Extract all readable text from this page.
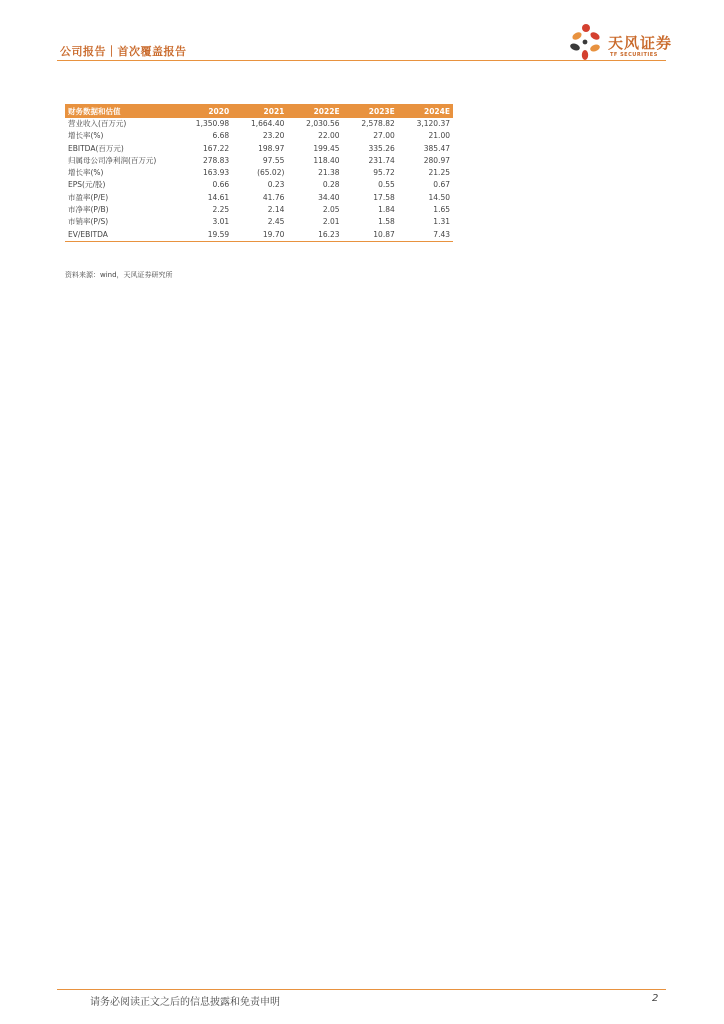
公司报告｜首次覆盖报告	天风证券
TF SECURITIES
财务数据和估值	2020	2021	2022E	2023E	2024E
营业收入(百万元)	1,350.98	1,664.40	2,030.56	2,578.82	3,120.37
增长率(%)	6.68	23.20	22.00	27.00	21.00
EBITDA(百万元)	167.22	198.97	199.45	335.26	385.47
归属母公司净利润(百万元)	278.83	97.55	118.40	231.74	280.97
增长率(%)	163.93	(65.02)	21.38	95.72	21.25
EPS(元/股)	0.66	0.23	0.28	0.55	0.67
市盈率(P/E)	14.61	41.76	34.40	17.58	14.50
市净率(P/B)	2.25	2.14	2.05	1.84	1.65
市销率(P/S)	3.01	2.45	2.01	1.58	1.31
EV/EBITDA	19.59	19.70	16.23	10.87	7.43
资料来源：wind，天风证券研究所
请务必阅读正文之后的信息披露和免责申明	2
